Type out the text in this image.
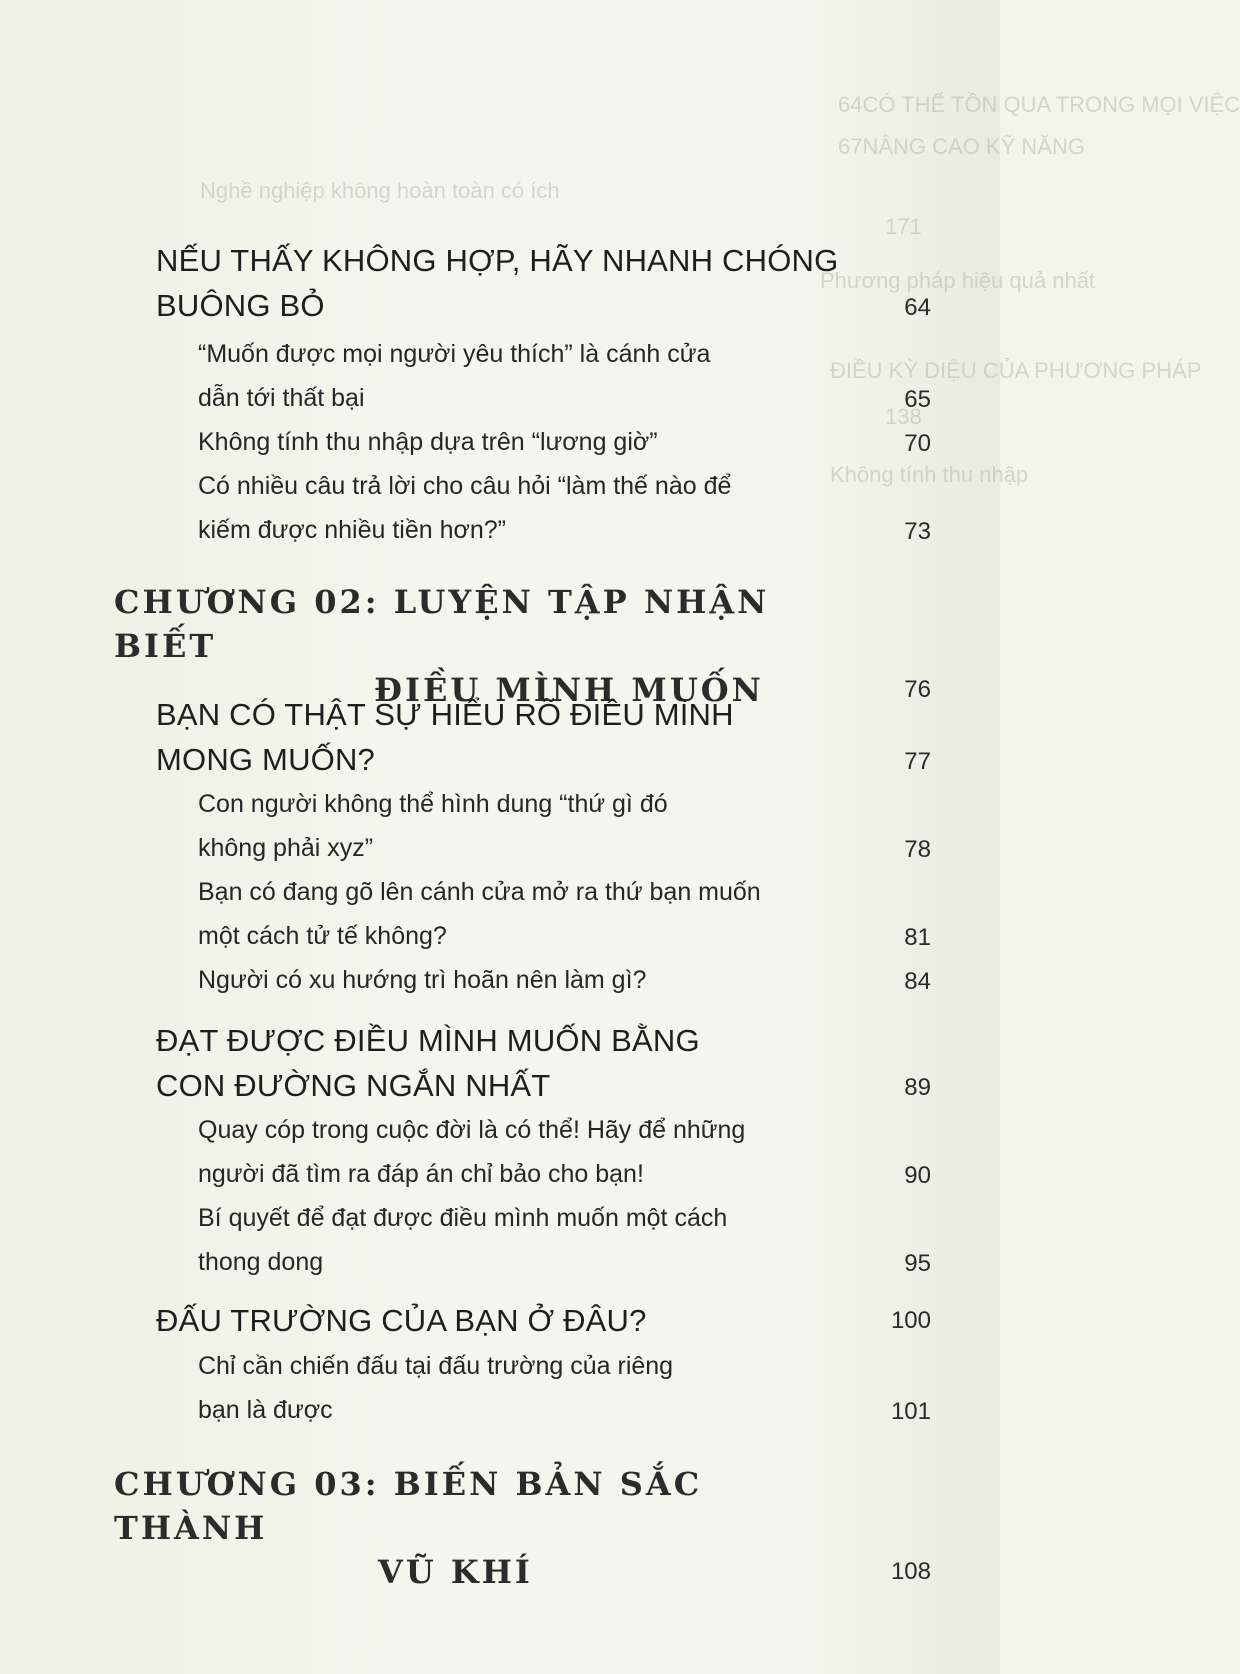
64CÓ THỂ TỒN QUA TRONG MỌI VIỆC
67NÂNG CAO KỸ NĂNG
Nghề nghiệp không hoàn toàn có ích
171
Phương pháp hiệu quả nhất
ĐIỀU KỲ DIỆU CỦA PHƯƠNG PHÁP
Không tính thu nhập
138
NẾU THẤY KHÔNG HỢP, HÃY NHANH CHÓNG
BUÔNG BỎ	64
“Muốn được mọi người yêu thích” là cánh cửa
dẫn tới thất bại	65
Không tính thu nhập dựa trên “lương giờ”	70
Có nhiều câu trả lời cho câu hỏi “làm thế nào để
kiếm được nhiều tiền hơn?”	73
CHƯƠNG 02: LUYỆN TẬP NHẬN BIẾT

ĐIỀU MÌNH MUỐN	76
BẠN CÓ THẬT SỰ HIỂU RÕ ĐIỀU MÌNH
MONG MUỐN?	77
Con người không thể hình dung “thứ gì đó
không phải xyz”	78
Bạn có đang gõ lên cánh cửa mở ra thứ bạn muốn
một cách tử tế không?	81
Người có xu hướng trì hoãn nên làm gì?	84
ĐẠT ĐƯỢC ĐIỀU MÌNH MUỐN BẰNG
CON ĐƯỜNG NGẮN NHẤT	89
Quay cóp trong cuộc đời là có thể! Hãy để những
người đã tìm ra đáp án chỉ bảo cho bạn!	90
Bí quyết để đạt được điều mình muốn một cách
thong dong	95
ĐẤU TRƯỜNG CỦA BẠN Ở ĐÂU?	100
Chỉ cần chiến đấu tại đấu trường của riêng
bạn là được	101
CHƯƠNG 03: BIẾN BẢN SẮC THÀNH

VŨ KHÍ	108
